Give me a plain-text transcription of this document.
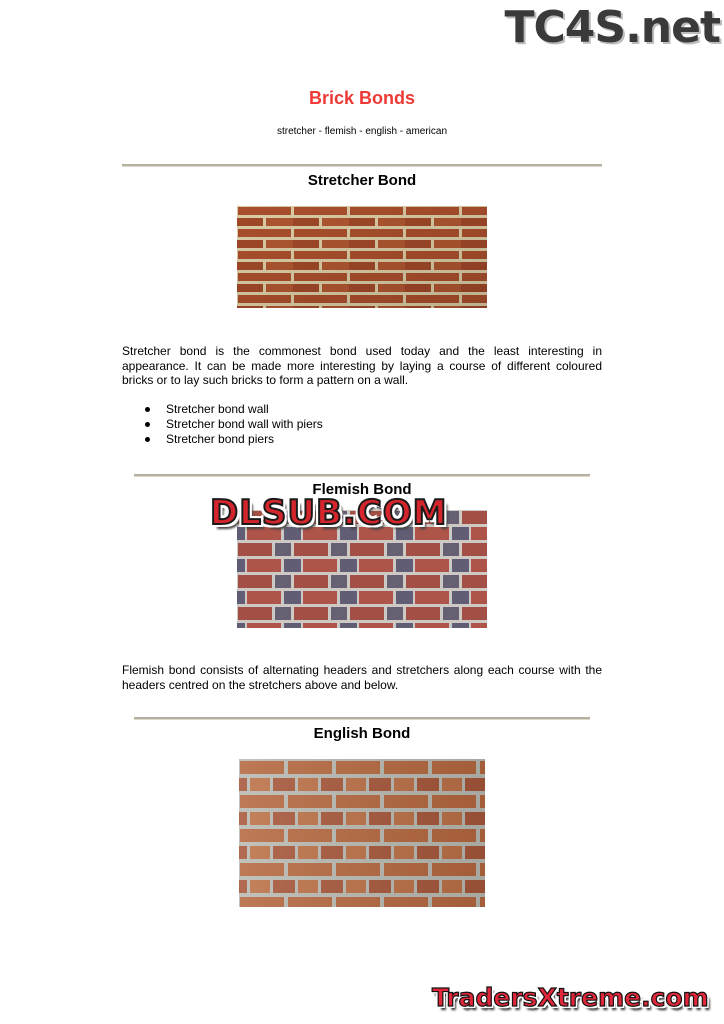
TC4S.net
Brick Bonds
stretcher - flemish - english - american
Stretcher Bond
Stretcher bond is the commonest bond used today and the least interesting in appearance. It can be made more interesting by laying a course of different coloured bricks or to lay such bricks to form a pattern on a wall.
Stretcher bond wall
Stretcher bond wall with piers
Stretcher bond piers
Flemish Bond
DLSUB.COM
Flemish bond consists of alternating headers and stretchers along each course with the headers centred on the stretchers above and below.
English Bond
TradersXtreme.com
